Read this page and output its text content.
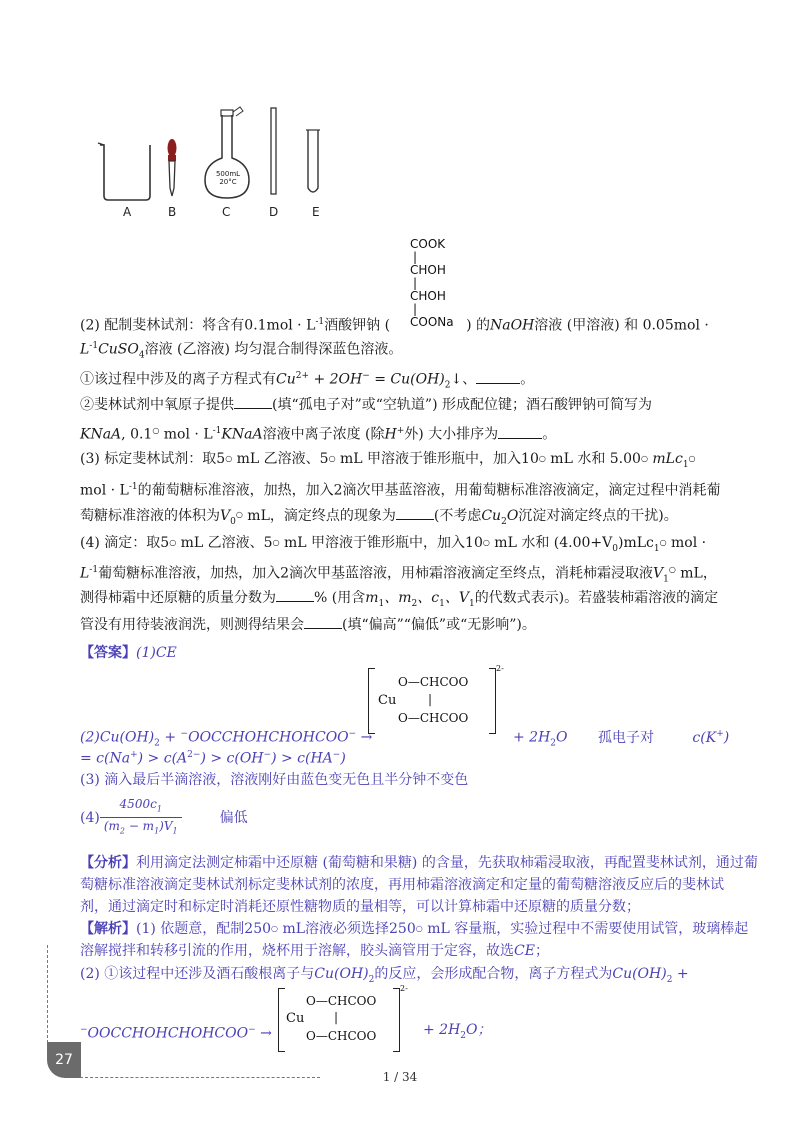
500mL
20°C
A	B	C	D	E
COOK
|
CHOH
|
CHOH
|
COONa
(2) 配制斐林试剂：将含有$0.1mol \cdot L^{-1}$酒酸钾钠 (	) 的NaOH溶液 (甲溶液) 和 0.05mol ·
$L^{-1}CuSO_4$溶液 (乙溶液) 均匀混合制得深蓝色溶液。
①该过程中涉及的离子方程式有$Cu^{2+} + 2OH^-$ = $Cu(OH)_2↓$、	。
②斐林试剂中氧原子提供	(填“孤电子对”或“空轨道”) 形成配位键；酒石酸钾钠可简写为
KNaA, 0.1○ mol · $L^{-1}KNaA$溶液中离子浓度 (除H+外) 大小排序为	。
(3) 标定斐林试剂：取5○ mL 乙溶液、5○ mL 甲溶液于锥形瓶中，加入10○ mL 水和 5.00○ mLc$_1$○
mol · $L^{-1}$的葡萄糖标准溶液，加热，加入2滴次甲基蓝溶液，用葡萄糖标准溶液滴定，滴定过程中消耗葡
萄糖标准溶液的体积为$V_0^○$ mL，滴定终点的现象为	(不考虑$Cu_2O$沉淀对滴定终点的干扰)。
(4) 滴定：取5○ mL 乙溶液、5○ mL 甲溶液于锥形瓶中，加入10○ mL 水和 $(4.00+V_0)mLc_1^○$ mol ·
$L^{-1}$葡萄糖标准溶液，加热，加入2滴次甲基蓝溶液，用柿霜溶液滴定至终点，消耗柿霜浸取液$V_1^○$ mL，
测得柿霜中还原糖的质量分数为	% (用含$m_1$、$m_2$、$c_1$、$V_1$的代数式表示)。若盛装柿霜溶液的滴定
管没有用待装液润洗，则测得结果会	(填“偏高”“偏低”或“无影响”)。
【答案】(1)CE
Cu
O—CHCOO
|
O—CHCOO
2-
$(2)Cu(OH)_2$ + −OOCCHOHCHOHCOO− →	+ $2H_2O$ 孤电子对	c(K+)
= $c(Na^+) > c(A^{2-}) > c(OH^-) > c(HA^-)$
(3) 滴入最后半滴溶液，溶液刚好由蓝色变无色且半分钟不变色
$(4) \frac{4500c_1}{(m_2 - m_1)V_1}$	偏低
【分析】利用滴定法测定柿霜中还原糖 (葡萄糖和果糖) 的含量，先获取柿霜浸取液，再配置斐林试剂，通过葡
萄糖标准溶液滴定斐林试剂标定斐林试剂的浓度，再用柿霜溶液滴定和定量的葡萄糖溶液反应后的斐林试
剂，通过滴定时和标定时消耗还原性糖物质的量相等，可以计算柿霜中还原糖的质量分数；
【解析】(1) 依题意，配制250○ mL溶液必须选择250○ mL 容量瓶，实验过程中不需要使用试管，玻璃棒起
溶解搅拌和转移引流的作用，烧杯用于溶解，胶头滴管用于定容，故选CE；
(2) ①该过程中还涉及酒石酸根离子与$Cu(OH)_2$的反应，会形成配合物，离子方程式为$Cu(OH)_2$ +
Cu
O—CHCOO
|
O—CHCOO
2-
−OOCCHOHCHOHCOO− →	+ $2H_2O$；
27
1 / 34
